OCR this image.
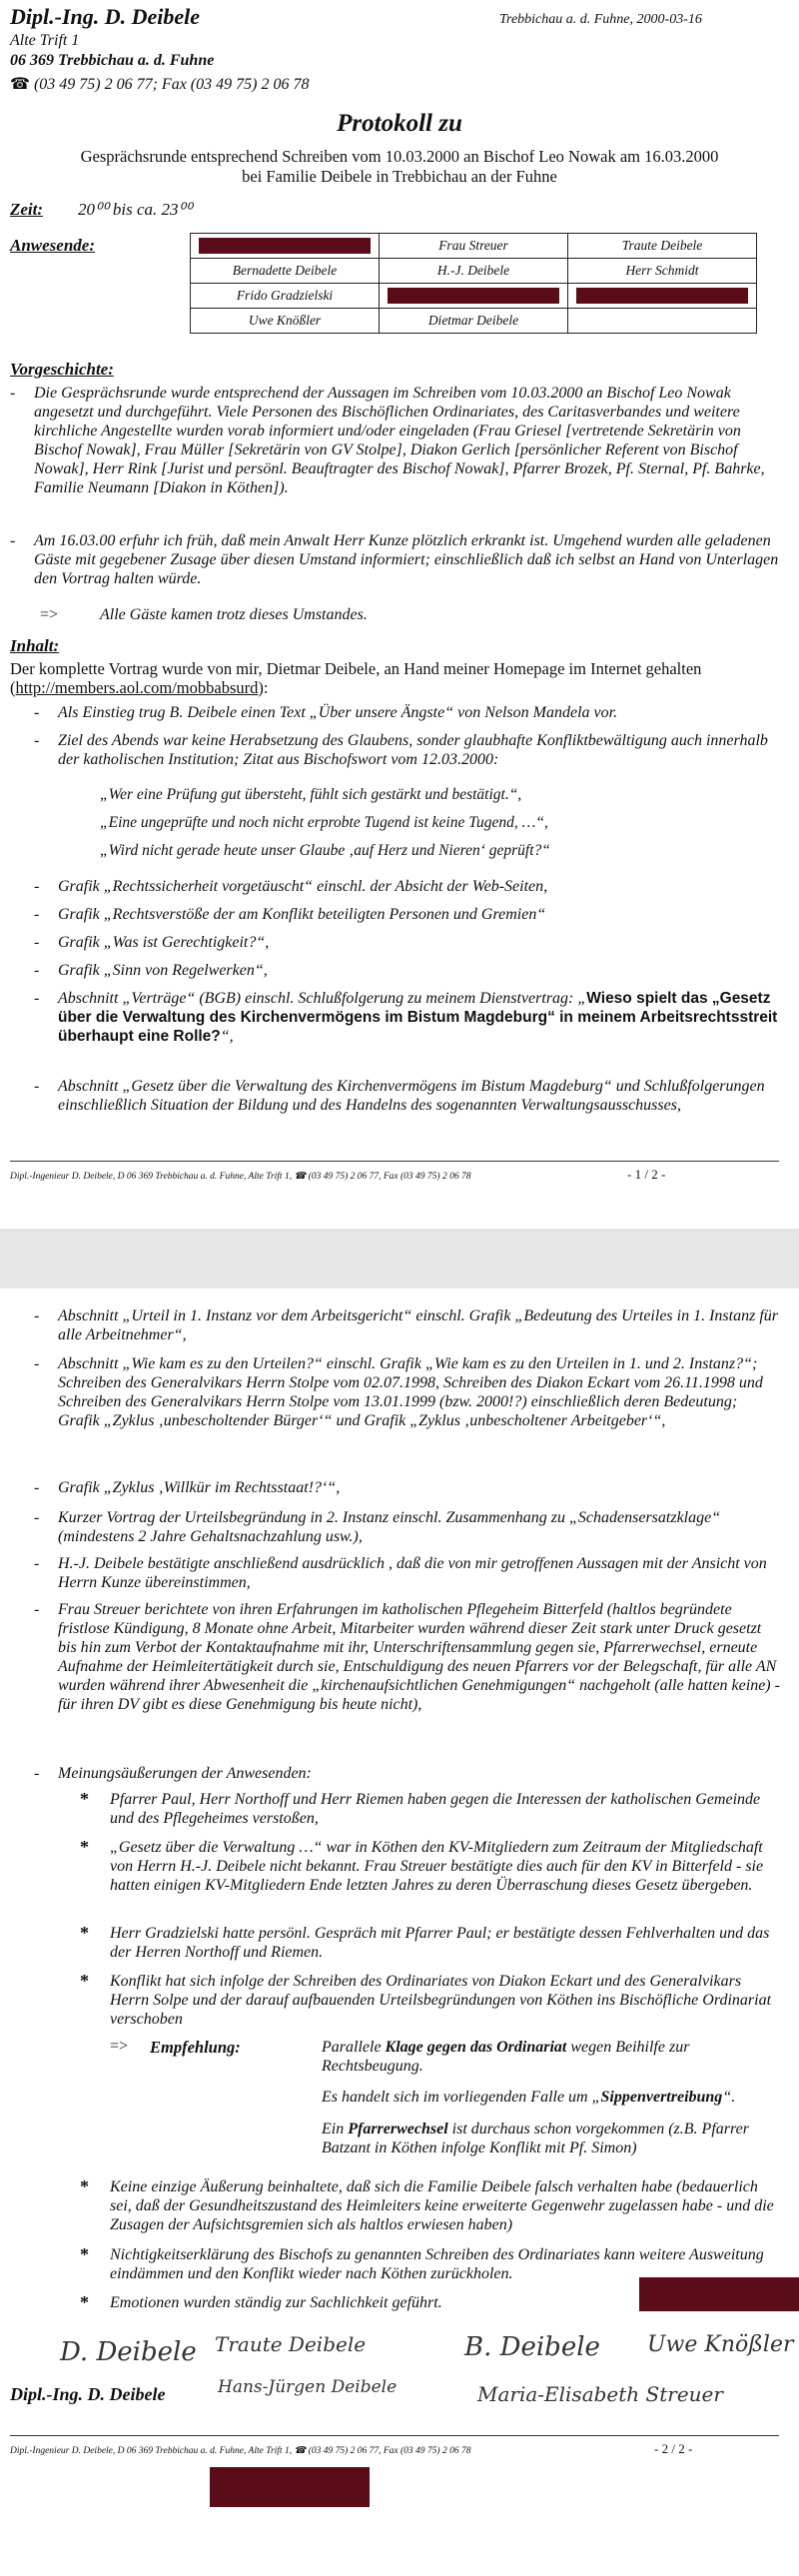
Dipl.-Ing. D. Deibele
Alte Trift 1
06 369 Trebbichau a. d. Fuhne
☎ (03 49 75) 2 06 77; Fax (03 49 75) 2 06 78
Trebbichau a. d. Fuhne, 2000-03-16
Protokoll zu
Gesprächsrunde entsprechend Schreiben vom 10.03.2000 an Bischof Leo Nowak am 16.03.2000
bei Familie Deibele in Trebbichau an der Fuhne
Zeit: 20⁰⁰ bis ca. 23⁰⁰
Anwesende:
		Frau Streuer	Traute Deibele
Bernadette Deibele	H.-J. Deibele	Herr Schmidt
Frido Gradzielski		
Uwe Knößler	Dietmar Deibele	
Vorgeschichte:
- Die Gesprächsrunde wurde entsprechend der Aussagen im Schreiben vom 10.03.2000 an Bischof Leo Nowak angesetzt und durchgeführt. Viele Personen des Bischöflichen Ordinariates, des Caritasverbandes und weitere kirchliche Angestellte wurden vorab informiert und/oder eingeladen (Frau Griesel [vertretende Sekretärin von Bischof Nowak], Frau Müller [Sekretärin von GV Stolpe], Diakon Gerlich [persönlicher Referent von Bischof Nowak], Herr Rink [Jurist und persönl. Beauftragter des Bischof Nowak], Pfarrer Brozek, Pf. Sternal, Pf. Bahrke, Familie Neumann [Diakon in Köthen]).
- Am 16.03.00 erfuhr ich früh, daß mein Anwalt Herr Kunze plötzlich erkrankt ist. Umgehend wurden alle geladenen Gäste mit gegebener Zusage über diesen Umstand informiert; einschließlich daß ich selbst an Hand von Unterlagen den Vortrag halten würde.
=>	Alle Gäste kamen trotz dieses Umstandes.
Inhalt:
Der komplette Vortrag wurde von mir, Dietmar Deibele, an Hand meiner Homepage im Internet gehalten (http://members.aol.com/mobbabsurd):
- Als Einstieg trug B. Deibele einen Text „Über unsere Ängste“ von Nelson Mandela vor.
- Ziel des Abends war keine Herabsetzung des Glaubens, sonder glaubhafte Konfliktbewältigung auch innerhalb der katholischen Institution; Zitat aus Bischofswort vom 12.03.2000:
„Wer eine Prüfung gut übersteht, fühlt sich gestärkt und bestätigt.“,
„Eine ungeprüfte und noch nicht erprobte Tugend ist keine Tugend, …“,
„Wird nicht gerade heute unser Glaube ‚auf Herz und Nieren‘ geprüft?“
- Grafik „Rechtssicherheit vorgetäuscht“ einschl. der Absicht der Web-Seiten,
- Grafik „Rechtsverstöße der am Konflikt beteiligten Personen und Gremien“
- Grafik „Was ist Gerechtigkeit?“,
- Grafik „Sinn von Regelwerken“,
- Abschnitt „Verträge“ (BGB) einschl. Schlußfolgerung zu meinem Dienstvertrag: „Wieso spielt das „Gesetz über die Verwaltung des Kirchenvermögens im Bistum Magdeburg“ in meinem Arbeitsrechtsstreit überhaupt eine Rolle?“,
- Abschnitt „Gesetz über die Verwaltung des Kirchenvermögens im Bistum Magdeburg“ und Schlußfolgerungen einschließlich Situation der Bildung und des Handelns des sogenannten Verwaltungsausschusses,
Dipl.-Ingenieur D. Deibele, D 06 369 Trebbichau a. d. Fuhne, Alte Trift 1, ☎ (03 49 75) 2 06 77, Fax (03 49 75) 2 06 78	- 1 / 2 -
- Abschnitt „Urteil in 1. Instanz vor dem Arbeitsgericht“ einschl. Grafik „Bedeutung des Urteiles in 1. Instanz für alle Arbeitnehmer“,
- Abschnitt „Wie kam es zu den Urteilen?“ einschl. Grafik „Wie kam es zu den Urteilen in 1. und 2. Instanz?“; Schreiben des Generalvikars Herrn Stolpe vom 02.07.1998, Schreiben des Diakon Eckart vom 26.11.1998 und Schreiben des Generalvikars Herrn Stolpe vom 13.01.1999 (bzw. 2000!?) einschließlich deren Bedeutung; Grafik „Zyklus ‚unbescholtender Bürger‘“ und Grafik „Zyklus ‚unbescholtener Arbeitgeber‘“,
- Grafik „Zyklus ‚Willkür im Rechtsstaat!?‘“,
- Kurzer Vortrag der Urteilsbegründung in 2. Instanz einschl. Zusammenhang zu „Schadensersatzklage“ (mindestens 2 Jahre Gehaltsnachzahlung usw.),
- H.-J. Deibele bestätigte anschließend ausdrücklich , daß die von mir getroffenen Aussagen mit der Ansicht von Herrn Kunze übereinstimmen,
- Frau Streuer berichtete von ihren Erfahrungen im katholischen Pflegeheim Bitterfeld (haltlos begründete fristlose Kündigung, 8 Monate ohne Arbeit, Mitarbeiter wurden während dieser Zeit stark unter Druck gesetzt bis hin zum Verbot der Kontaktaufnahme mit ihr, Unterschriftensammlung gegen sie, Pfarrerwechsel, erneute Aufnahme der Heimleitertätigkeit durch sie, Entschuldigung des neuen Pfarrers vor der Belegschaft, für alle AN wurden während ihrer Abwesenheit die „kirchenaufsichtlichen Genehmigungen“ nachgeholt (alle hatten keine) - für ihren DV gibt es diese Genehmigung bis heute nicht),
- Meinungsäußerungen der Anwesenden:
* Pfarrer Paul, Herr Northoff und Herr Riemen haben gegen die Interessen der katholischen Gemeinde und des Pflegeheimes verstoßen,
* „Gesetz über die Verwaltung …“ war in Köthen den KV-Mitgliedern zum Zeitraum der Mitgliedschaft von Herrn H.-J. Deibele nicht bekannt. Frau Streuer bestätigte dies auch für den KV in Bitterfeld - sie hatten einigen KV-Mitgliedern Ende letzten Jahres zu deren Überraschung dieses Gesetz übergeben.
* Herr Gradzielski hatte persönl. Gespräch mit Pfarrer Paul; er bestätigte dessen Fehlverhalten und das der Herren Northoff und Riemen.
* Konflikt hat sich infolge der Schreiben des Ordinariates von Diakon Eckart und des Generalvikars Herrn Solpe und der darauf aufbauenden Urteilsbegründungen von Köthen ins Bischöfliche Ordinariat verschoben
=> Empfehlung:	Parallele Klage gegen das Ordinariat wegen Beihilfe zur Rechtsbeugung.
Es handelt sich im vorliegenden Falle um „Sippenvertreibung“.
Ein Pfarrerwechsel ist durchaus schon vorgekommen (z.B. Pfarrer Batzant in Köthen infolge Konflikt mit Pf. Simon)
* Keine einzige Äußerung beinhaltete, daß sich die Familie Deibele falsch verhalten habe (bedauerlich sei, daß der Gesundheitszustand des Heimleiters keine erweiterte Gegenwehr zugelassen habe - und die Zusagen der Aufsichtsgremien sich als haltlos erwiesen haben)
* Nichtigkeitserklärung des Bischofs zu genannten Schreiben des Ordinariates kann weitere Ausweitung eindämmen und den Konflikt wieder nach Köthen zurückholen.
* Emotionen wurden ständig zur Sachlichkeit geführt.
D. Deibele Traute Deibele	B. Deibele Uwe Knößler
Hans-Jürgen Deibele	Maria-Elisabeth Streuer
Dipl.-Ing. D. Deibele
Dipl.-Ingenieur D. Deibele, D 06 369 Trebbichau a. d. Fuhne, Alte Trift 1, ☎ (03 49 75) 2 06 77, Fax (03 49 75) 2 06 78	- 2 / 2 -
